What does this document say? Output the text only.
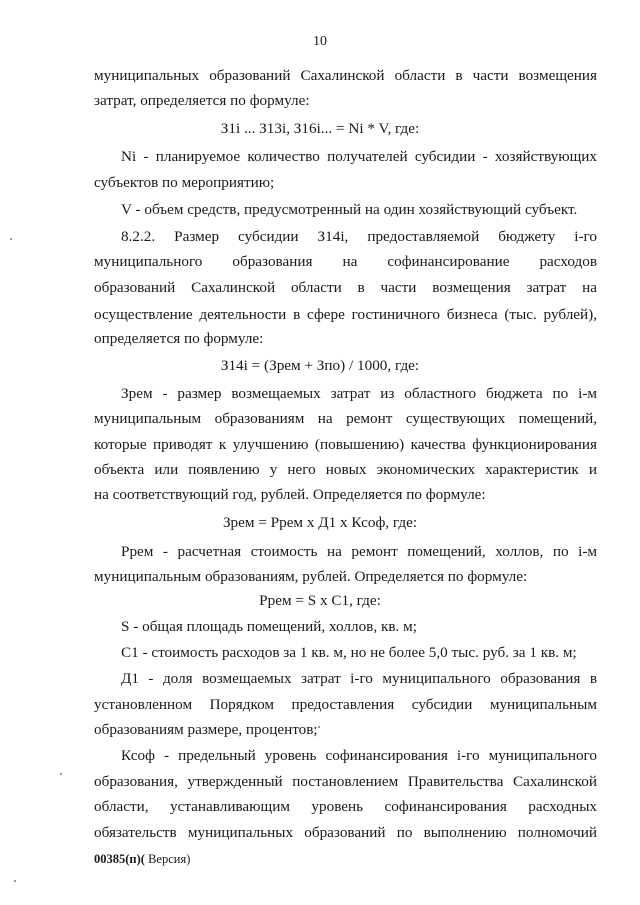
10
муниципальных образований Сахалинской области в части возмещения
затрат, определяется по формуле:
З1i ... З13i, З16i... = Ni * V, где:
Ni - планируемое количество получателей субсидии - хозяйствующих
субъектов по мероприятию;
V - объем средств, предусмотренный на один хозяйствующий субъект.
8.2.2. Размер субсидии З14i, предоставляемой бюджету i-го
муниципального образования на софинансирование расходов
образований Сахалинской области в части возмещения затрат на
осуществление деятельности в сфере гостиничного бизнеса (тыс. рублей),
определяется по формуле:
З14i = (Зрем + Зпо) / 1000, где:
Зрем - размер возмещаемых затрат из областного бюджета по i-м
муниципальным образованиям на ремонт существующих помещений,
которые приводят к улучшению (повышению) качества функционирования
объекта или появлению у него новых экономических характеристик и
на соответствующий год, рублей. Определяется по формуле:
Зрем = Ррем х Д1 х Ксоф, где:
Ррем - расчетная стоимость на ремонт помещений, холлов, по i-м
муниципальным образованиям, рублей. Определяется по формуле:
Ррем = S х С1, где:
S - общая площадь помещений, холлов, кв. м;
С1 - стоимость расходов за 1 кв. м, но не более 5,0 тыс. руб. за 1 кв. м;
Д1 - доля возмещаемых затрат i-го муниципального образования в
установленном Порядком предоставления субсидии муниципальным
образованиям размере, процентов;
Ксоф - предельный уровень софинансирования i-го муниципального
образования, утвержденный постановлением Правительства Сахалинской
области, устанавливающим уровень софинансирования расходных
обязательств муниципальных образований по выполнению полномочий
00385(п)( Версия)
